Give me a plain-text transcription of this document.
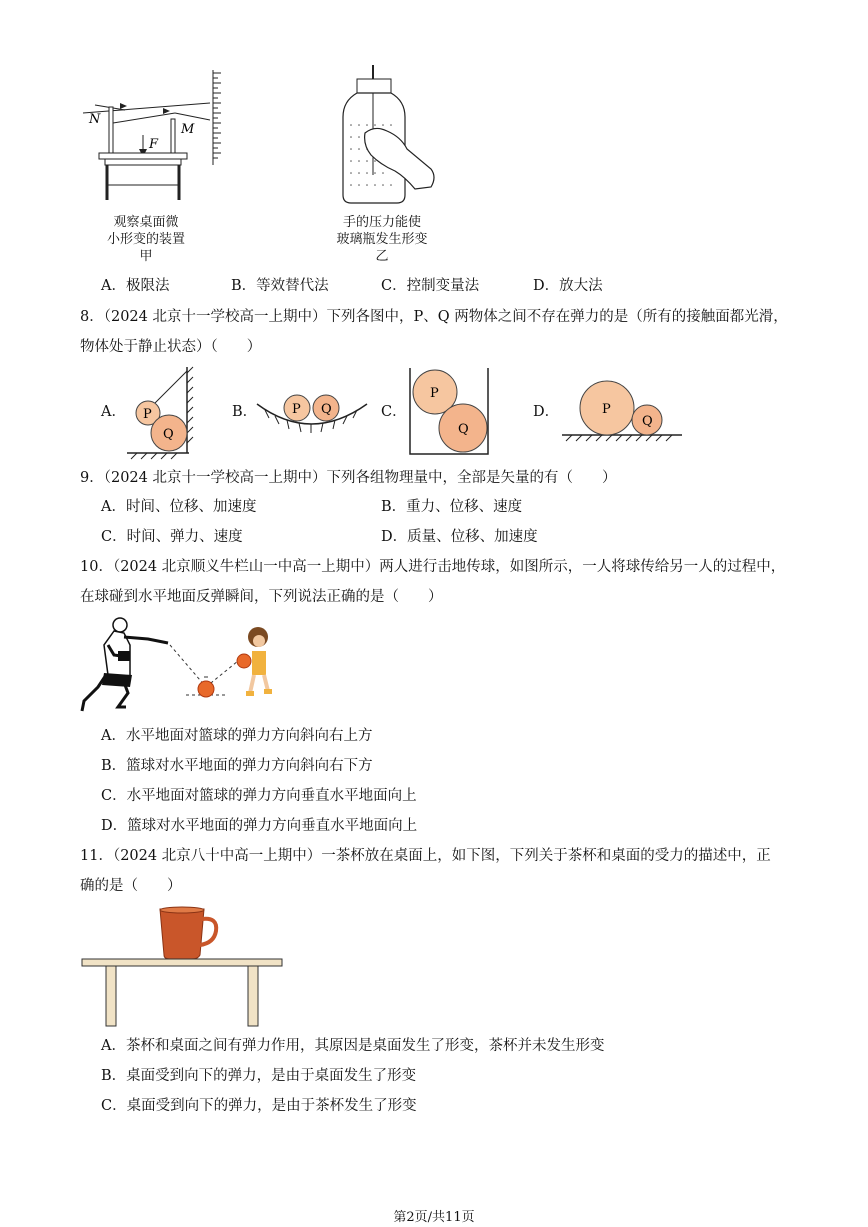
N
M
F
观察桌面微
小形变的装置
甲
手的压力能使
玻璃瓶发生形变
乙
A．极限法	B．等效替代法	C．控制变量法	D．放大法
8．（2024 北京十一学校高一上期中）下列各图中，P、Q 两物体之间不存在弹力的是（所有的接触面都光滑，
物体处于静止状态）（　　）
A． P
Q
B．	P Q	C．
P
Q
D．	P
Q
9．（2024 北京十一学校高一上期中）下列各组物理量中，全部是矢量的有（　　）
A．时间、位移、加速度	B．重力、位移、速度
C．时间、弹力、速度	D．质量、位移、加速度
10．（2024 北京顺义牛栏山一中高一上期中）两人进行击地传球，如图所示，一人将球传给另一人的过程中，
在球碰到水平地面反弹瞬间，下列说法正确的是（　　）
A．水平地面对篮球的弹力方向斜向右上方
B．篮球对水平地面的弹力方向斜向右下方
C．水平地面对篮球的弹力方向垂直水平地面向上
D．篮球对水平地面的弹力方向垂直水平地面向上
11．（2024 北京八十中高一上期中）一茶杯放在桌面上，如下图，下列关于茶杯和桌面的受力的描述中，正
确的是（　　）
A．茶杯和桌面之间有弹力作用，其原因是桌面发生了形变，茶杯并未发生形变
B．桌面受到向下的弹力，是由于桌面发生了形变
C．桌面受到向下的弹力，是由于茶杯发生了形变
第2页/共11页
